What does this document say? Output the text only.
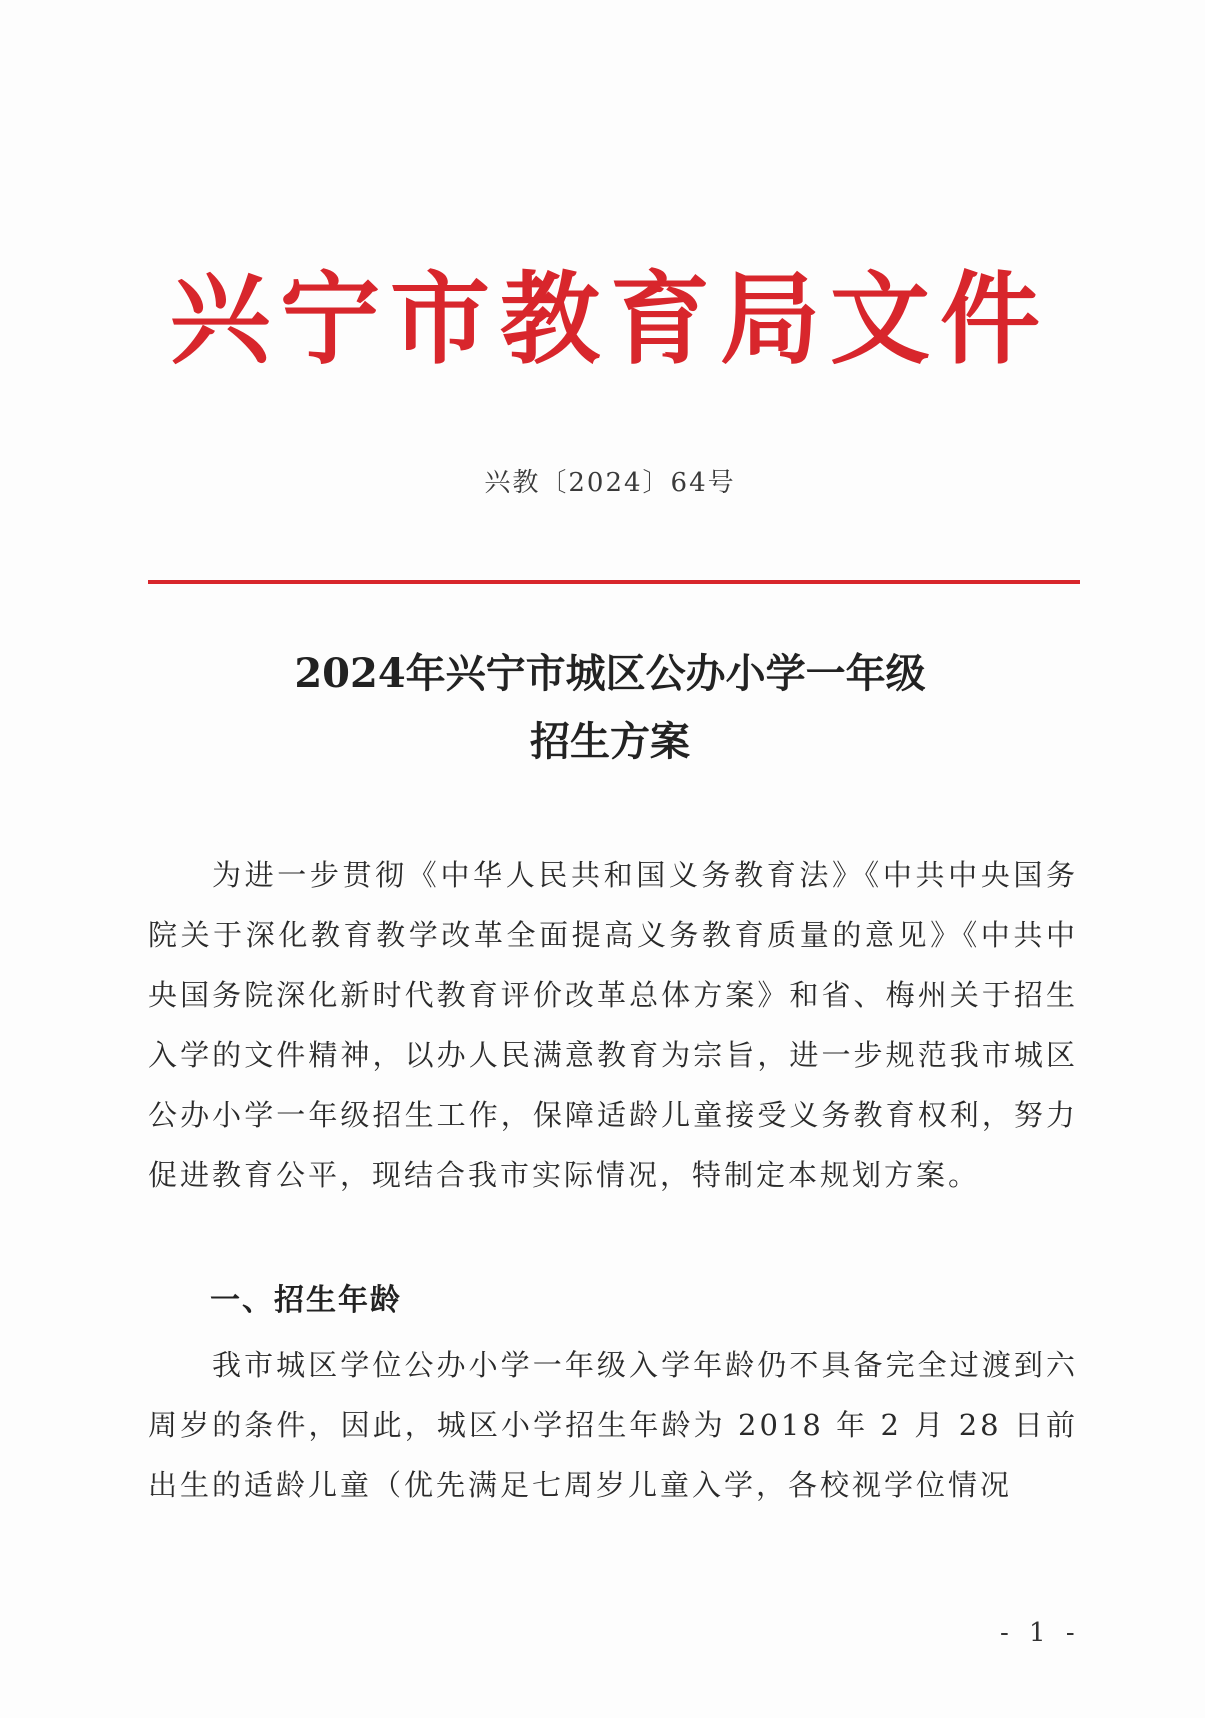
兴宁市教育局文件
兴教〔2024〕64号
2024年兴宁市城区公办小学一年级
招生方案
为进一步贯彻《中华人民共和国义务教育法》《中共中央国务院关于深化教育教学改革全面提高义务教育质量的意见》《中共中央国务院深化新时代教育评价改革总体方案》和省、梅州关于招生入学的文件精神，以办人民满意教育为宗旨，进一步规范我市城区公办小学一年级招生工作，保障适龄儿童接受义务教育权利，努力促进教育公平，现结合我市实际情况，特制定本规划方案。
一、招生年龄
我市城区学位公办小学一年级入学年龄仍不具备完全过渡到六周岁的条件，因此，城区小学招生年龄为 2018 年 2 月 28 日前出生的适龄儿童（优先满足七周岁儿童入学，各校视学位情况
- 1 -
